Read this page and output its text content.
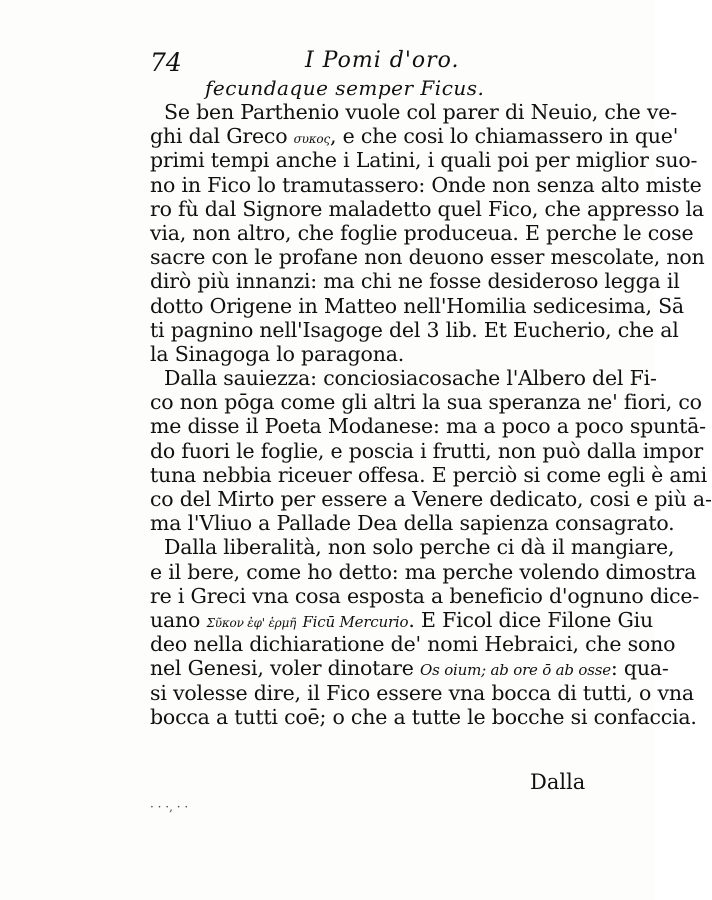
74	I Pomi d'oro.
fecundaque semper Ficus.
Se ben Parthenio vuole col parer di Neuio, che ve-
ghi dal Greco συκος, e che cosi lo chiamassero in que'
primi tempi anche i Latini, i quali poi per miglior suo-
no in Fico lo tramutassero: Onde non senza alto miste
ro fù dal Signore maladetto quel Fico, che appresso la
via, non altro, che foglie produceua. E perche le cose
sacre con le profane non deuono esser mescolate, non
dirò più innanzi: ma chi ne fosse desideroso legga il
dotto Origene in Matteo nell'Homilia sedicesima, Sā
ti pagnino nell'Isagoge del 3 lib. Et Eucherio, che al
la Sinagoga lo paragona.
Dalla sauiezza: conciosiacosache l'Albero del Fi-
co non pōga come gli altri la sua speranza ne' fiori, co
me disse il Poeta Modanese: ma a poco a poco spuntā-
do fuori le foglie, e poscia i frutti, non può dalla impor
tuna nebbia riceuer offesa. E perciò si come egli è ami
co del Mirto per essere a Venere dedicato, cosi e più a-
ma l'Vliuo a Pallade Dea della sapienza consagrato.
Dalla liberalità, non solo perche ci dà il mangiare,
e il bere, come ho detto: ma perche volendo dimostra
re i Greci vna cosa esposta a beneficio d'ognuno dice-
uano Σῦκον ἐφ' ἑρμῆ Ficū Mercurio. E Ficol dice Filone Giu
deo nella dichiaratione de' nomi Hebraici, che sono
nel Genesi, voler dinotare Os oium; ab ore ō ab osse: qua-
si volesse dire, il Fico essere vna bocca di tutti, o vna
bocca a tutti coē; o che a tutte le bocche si confaccia.
Dalla
· · ·, · ·
